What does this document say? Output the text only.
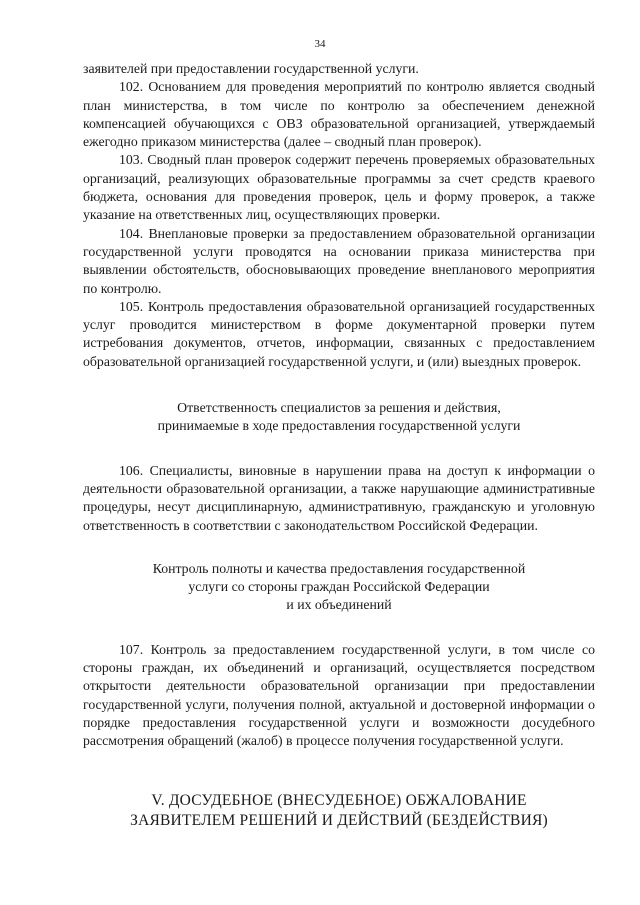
34

заявителей при предоставлении государственной услуги.

102. Основанием для проведения мероприятий по контролю является сводный план министерства, в том числе по контролю за обеспечением денежной компенсацией обучающихся с ОВЗ образовательной организацией, утверждаемый ежегодно приказом министерства (далее – сводный план проверок).

103. Сводный план проверок содержит перечень проверяемых образовательных организаций, реализующих образовательные программы за счет средств краевого бюджета, основания для проведения проверок, цель и форму проверок, а также указание на ответственных лиц, осуществляющих проверки.

104. Внеплановые проверки за предоставлением образовательной организации государственной услуги проводятся на основании приказа министерства при выявлении обстоятельств, обосновывающих проведение внепланового мероприятия по контролю.

105. Контроль предоставления образовательной организацией государственных услуг проводится министерством в форме документарной проверки путем истребования документов, отчетов, информации, связанных с предоставлением образовательной организацией государственной услуги, и (или) выездных проверок.

Ответственность специалистов за решения и действия,
принимаемые в ходе предоставления государственной услуги

106. Специалисты, виновные в нарушении права на доступ к информации о деятельности образовательной организации, а также нарушающие административные процедуры, несут дисциплинарную, административную, гражданскую и уголовную ответственность в соответствии с законодательством Российской Федерации.

Контроль полноты и качества предоставления государственной
услуги со стороны граждан Российской Федерации
и их объединений

107. Контроль за предоставлением государственной услуги, в том числе со стороны граждан, их объединений и организаций, осуществляется посредством открытости деятельности образовательной организации при предоставлении государственной услуги, получения полной, актуальной и достоверной информации о порядке предоставления государственной услуги и возможности досудебного рассмотрения обращений (жалоб) в процессе получения государственной услуги.

V. ДОСУДЕБНОЕ (ВНЕСУДЕБНОЕ) ОБЖАЛОВАНИЕ
ЗАЯВИТЕЛЕМ РЕШЕНИЙ И ДЕЙСТВИЙ (БЕЗДЕЙСТВИЯ)
